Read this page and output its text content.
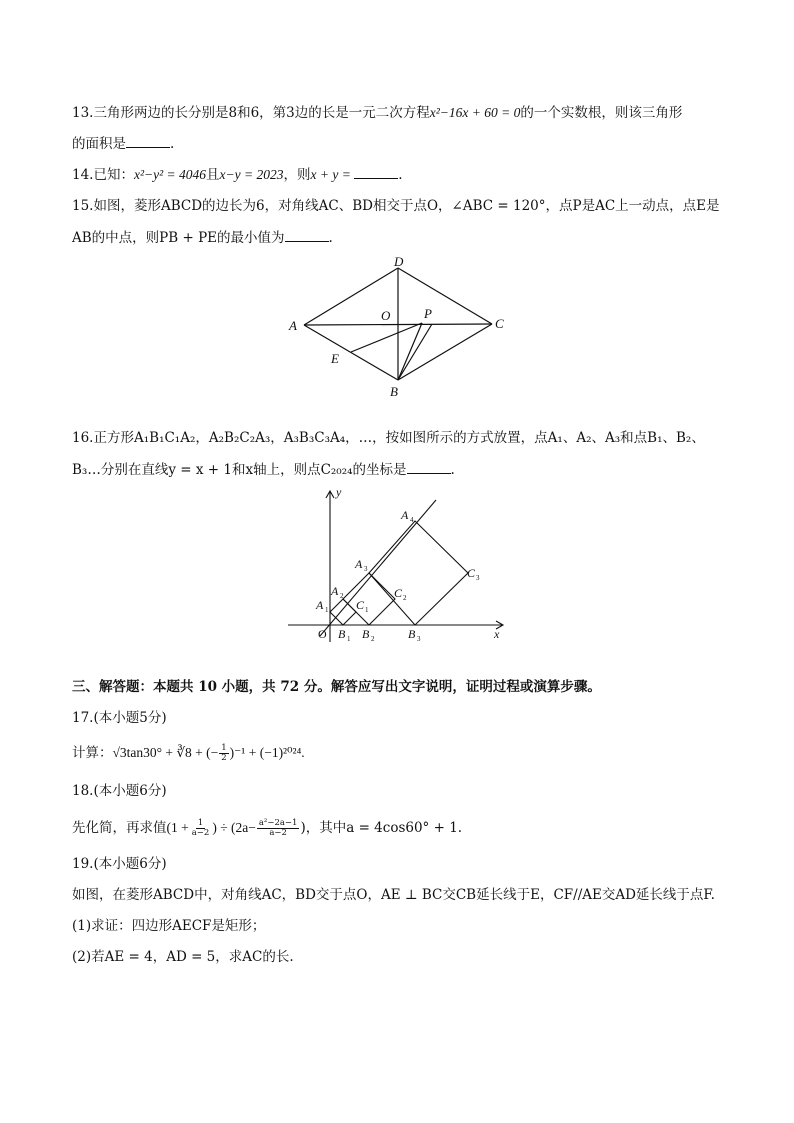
13.三角形两边的长分别是8和6，第3边的长是一元二次方程x²−16x + 60 = 0的一个实数根，则该三角形
的面积是	.
14.已知：x²−y² = 4046且x−y = 2023，则x + y =	.
15.如图，菱形ABCD的边长为6，对角线AC、BD相交于点O，∠ABC = 120°，点P是AC上一动点，点E是
AB的中点，则PB + PE的最小值为	.
D
A	C
B
O	P
E
16.正方形A₁B₁C₁A₂，A₂B₂C₂A₃，A₃B₃C₃A₄，…，按如图所示的方式放置，点A₁、A₂、A₃和点B₁、B₂、
B₃…分别在直线y = x + 1和x轴上，则点C₂₀₂₄的坐标是	.
y
x
O
A 1
A 2
A 3
A 4
B 1 B 2	B 3
C 1
C 2
C 3
三、解答题：本题共 10 小题，共 72 分。解答应写出文字说明，证明过程或演算步骤。
17.(本小题5分)
计算：√3tan30° + ∛8 + (− $\frac{1}{2} )^{-1} + (-1)^{2024}$.
18.(本小题6分)
先化简，再求值($1 + \frac{1}{a-2}$ ) ÷ ($2a- \frac{\text{a²−2a−1}}{a-2}$ )，其中a = 4cos60° + 1.
19.(本小题6分)
如图，在菱形ABCD中，对角线AC，BD交于点O，AE ⊥ BC交CB延长线于E，CF//AE交AD延长线于点F.
(1)求证：四边形AECF是矩形；
(2)若AE = 4，AD = 5，求AC的长.
